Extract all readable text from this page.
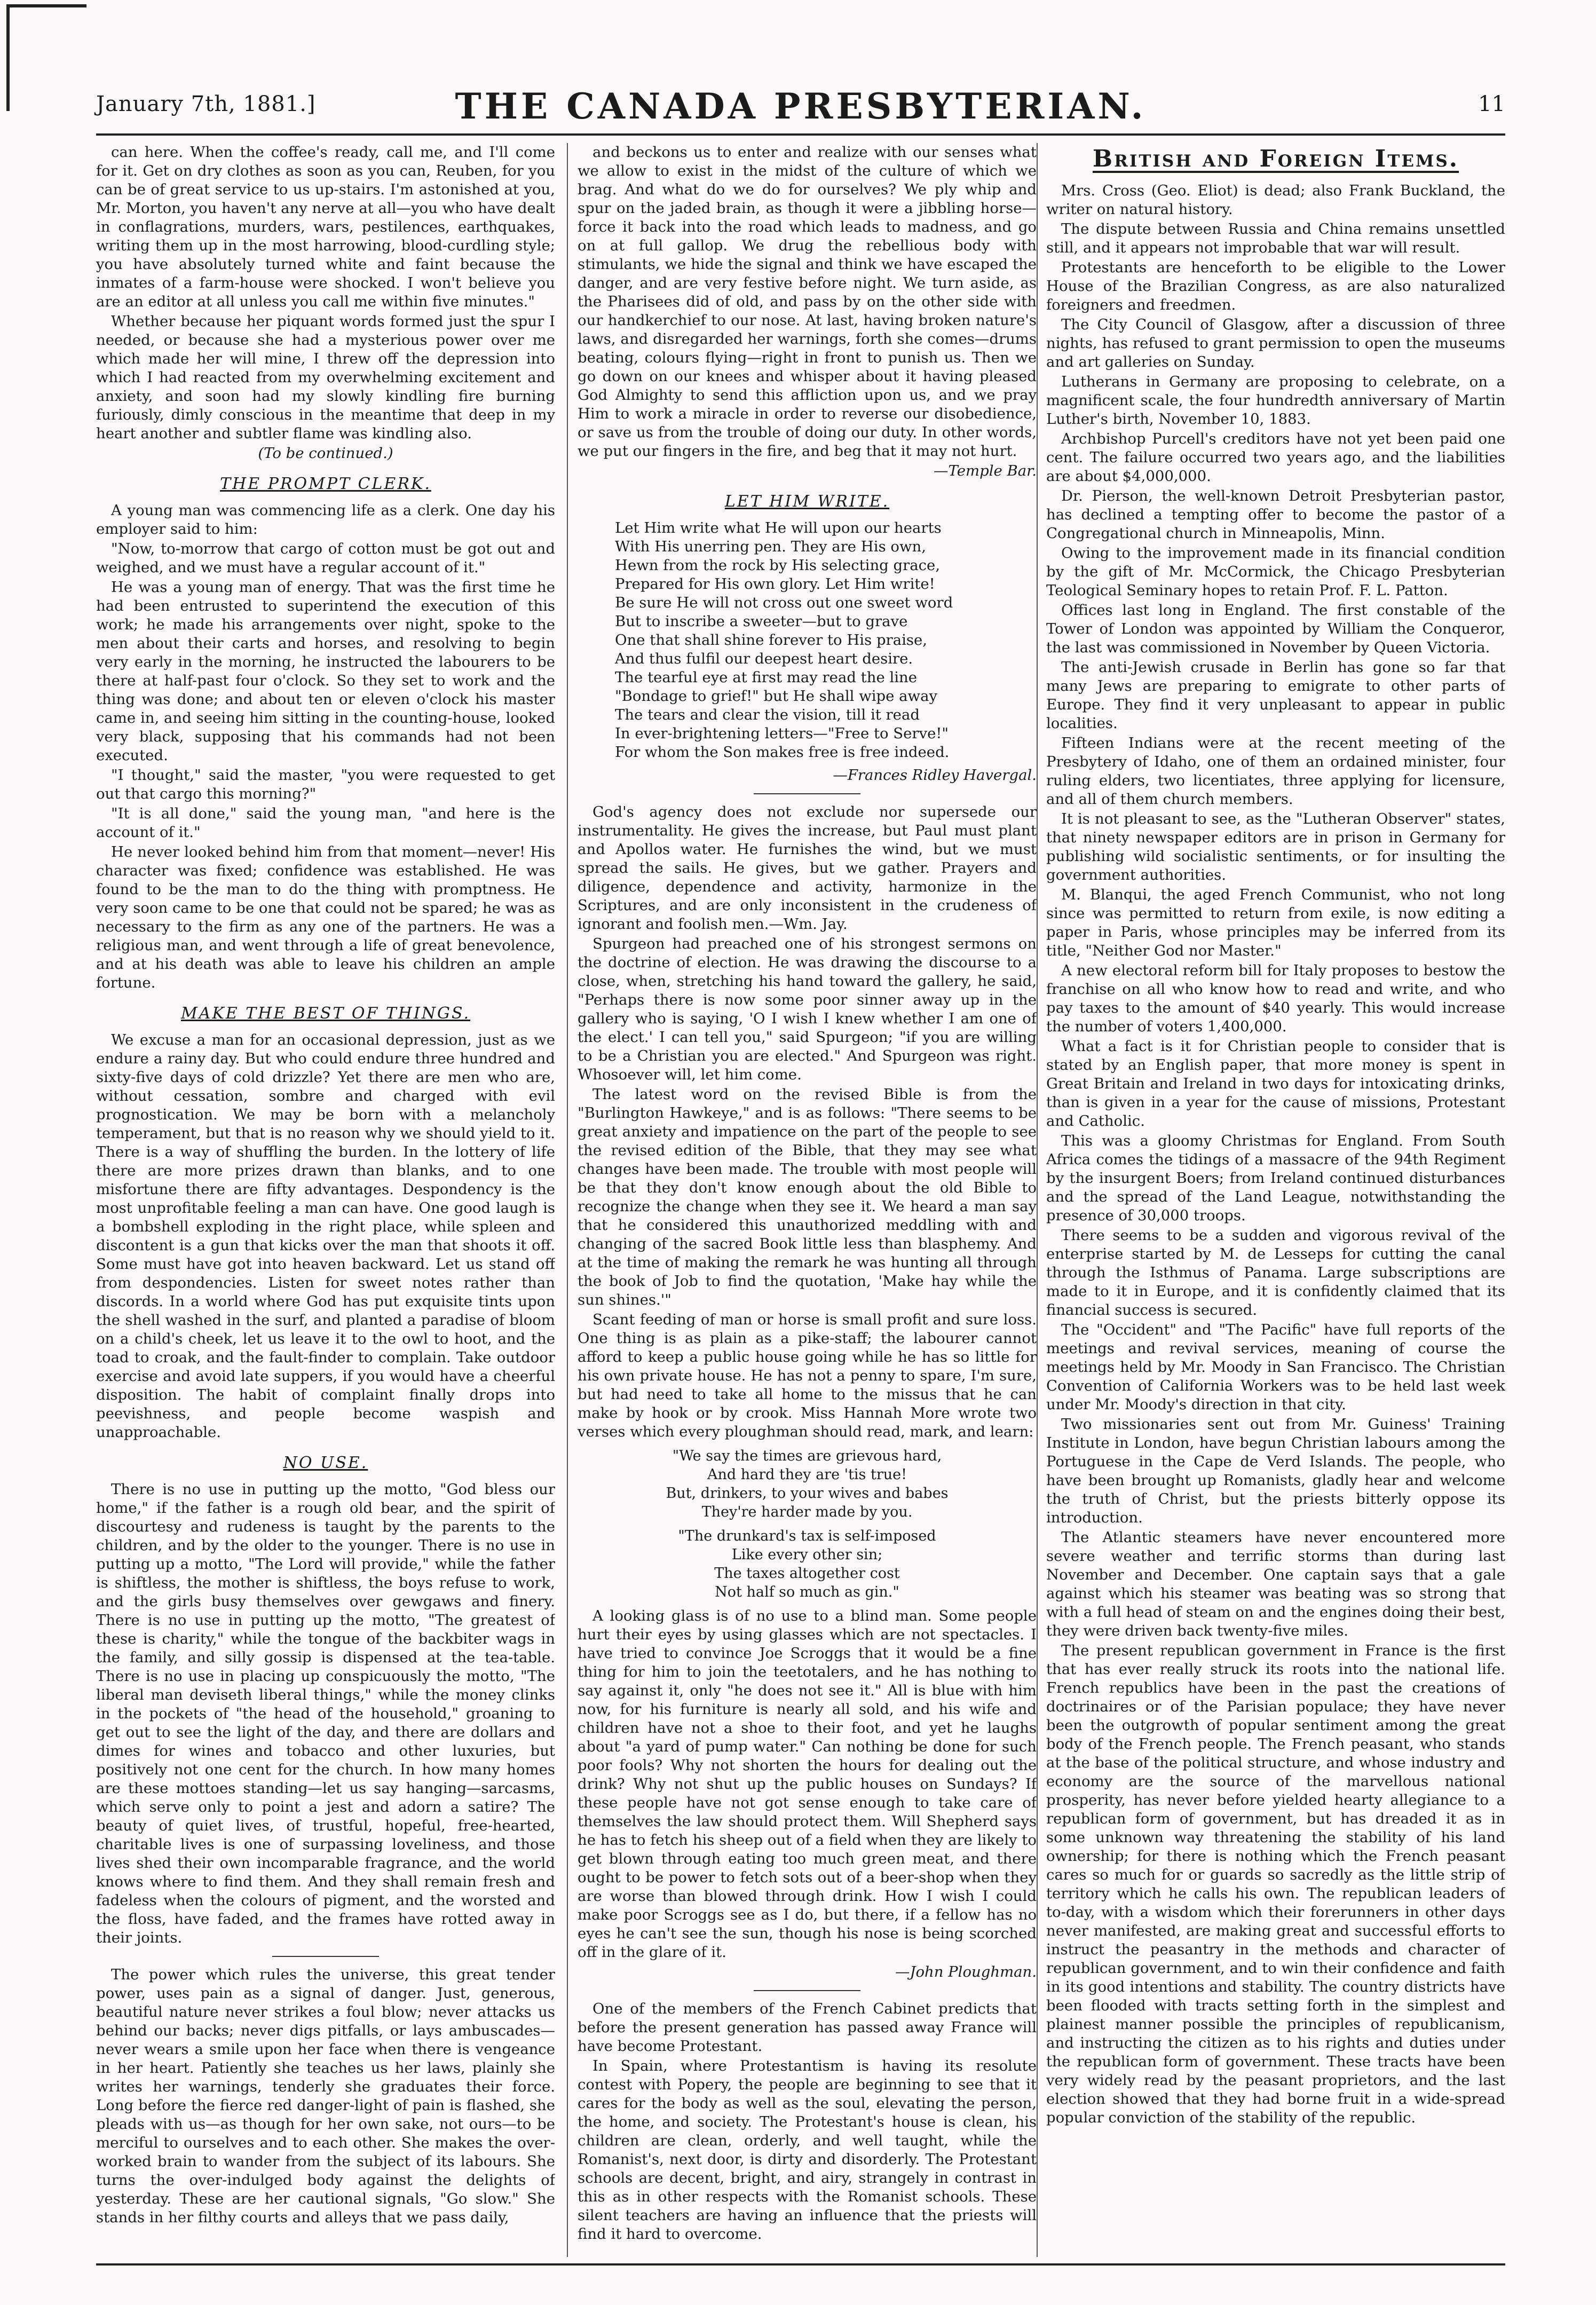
January 7th, 1881.]	THE CANADA PRESBYTERIAN.	11

can here. When the coffee's ready, call me, and I'll come for it. Get on dry clothes as soon as you can, Reuben, for you can be of great service to us up-stairs. I'm astonished at you, Mr. Morton, you haven't any nerve at all—you who have dealt in conflagrations, murders, wars, pestilences, earthquakes, writing them up in the most harrowing, blood-curdling style; you have absolutely turned white and faint because the inmates of a farm-house were shocked. I won't believe you are an editor at all unless you call me within five minutes."

Whether because her piquant words formed just the spur I needed, or because she had a mysterious power over me which made her will mine, I threw off the depression into which I had reacted from my overwhelming excitement and anxiety, and soon had my slowly kindling fire burning furiously, dimly conscious in the meantime that deep in my heart another and subtler flame was kindling also.

(To be continued.)

THE PROMPT CLERK.

A young man was commencing life as a clerk. One day his employer said to him:

"Now, to-morrow that cargo of cotton must be got out and weighed, and we must have a regular account of it."

He was a young man of energy. That was the first time he had been entrusted to superintend the execution of this work; he made his arrangements over night, spoke to the men about their carts and horses, and resolving to begin very early in the morning, he instructed the labourers to be there at half-past four o'clock. So they set to work and the thing was done; and about ten or eleven o'clock his master came in, and seeing him sitting in the counting-house, looked very black, supposing that his commands had not been executed.

"I thought," said the master, "you were requested to get out that cargo this morning?"

"It is all done," said the young man, "and here is the account of it."

He never looked behind him from that moment—never! His character was fixed; confidence was established. He was found to be the man to do the thing with promptness. He very soon came to be one that could not be spared; he was as necessary to the firm as any one of the partners. He was a religious man, and went through a life of great benevolence, and at his death was able to leave his children an ample fortune.

MAKE THE BEST OF THINGS.

We excuse a man for an occasional depression, just as we endure a rainy day. But who could endure three hundred and sixty-five days of cold drizzle? Yet there are men who are, without cessation, sombre and charged with evil prognostication. We may be born with a melancholy temperament, but that is no reason why we should yield to it. There is a way of shuffling the burden. In the lottery of life there are more prizes drawn than blanks, and to one misfortune there are fifty advantages. Despondency is the most unprofitable feeling a man can have. One good laugh is a bombshell exploding in the right place, while spleen and discontent is a gun that kicks over the man that shoots it off. Some must have got into heaven backward. Let us stand off from despondencies. Listen for sweet notes rather than discords. In a world where God has put exquisite tints upon the shell washed in the surf, and planted a paradise of bloom on a child's cheek, let us leave it to the owl to hoot, and the toad to croak, and the fault-finder to complain. Take outdoor exercise and avoid late suppers, if you would have a cheerful disposition. The habit of complaint finally drops into peevishness, and people become waspish and unapproachable.

NO USE.

There is no use in putting up the motto, "God bless our home," if the father is a rough old bear, and the spirit of discourtesy and rudeness is taught by the parents to the children, and by the older to the younger. There is no use in putting up a motto, "The Lord will provide," while the father is shiftless, the mother is shiftless, the boys refuse to work, and the girls busy themselves over gewgaws and finery. There is no use in putting up the motto, "The greatest of these is charity," while the tongue of the backbiter wags in the family, and silly gossip is dispensed at the tea-table. There is no use in placing up conspicuously the motto, "The liberal man deviseth liberal things," while the money clinks in the pockets of "the head of the household," groaning to get out to see the light of the day, and there are dollars and dimes for wines and tobacco and other luxuries, but positively not one cent for the church. In how many homes are these mottoes standing—let us say hanging—sarcasms, which serve only to point a jest and adorn a satire? The beauty of quiet lives, of trustful, hopeful, free-hearted, charitable lives is one of surpassing loveliness, and those lives shed their own incomparable fragrance, and the world knows where to find them. And they shall remain fresh and fadeless when the colours of pigment, and the worsted and the floss, have faded, and the frames have rotted away in their joints.

The power which rules the universe, this great tender power, uses pain as a signal of danger. Just, generous, beautiful nature never strikes a foul blow; never attacks us behind our backs; never digs pitfalls, or lays ambuscades—never wears a smile upon her face when there is vengeance in her heart. Patiently she teaches us her laws, plainly she writes her warnings, tenderly she graduates their force. Long before the fierce red danger-light of pain is flashed, she pleads with us—as though for her own sake, not ours—to be merciful to ourselves and to each other. She makes the over-worked brain to wander from the subject of its labours. She turns the over-indulged body against the delights of yesterday. These are her cautional signals, "Go slow." She stands in her filthy courts and alleys that we pass daily,

and beckons us to enter and realize with our senses what we allow to exist in the midst of the culture of which we brag. And what do we do for ourselves? We ply whip and spur on the jaded brain, as though it were a jibbling horse—force it back into the road which leads to madness, and go on at full gallop. We drug the rebellious body with stimulants, we hide the signal and think we have escaped the danger, and are very festive before night. We turn aside, as the Pharisees did of old, and pass by on the other side with our handkerchief to our nose. At last, having broken nature's laws, and disregarded her warnings, forth she comes—drums beating, colours flying—right in front to punish us. Then we go down on our knees and whisper about it having pleased God Almighty to send this affliction upon us, and we pray Him to work a miracle in order to reverse our disobedience, or save us from the trouble of doing our duty. In other words, we put our fingers in the fire, and beg that it may not hurt.

—Temple Bar.

LET HIM WRITE.
Let Him write what He will upon our hearts
With His unerring pen. They are His own,
Hewn from the rock by His selecting grace,
Prepared for His own glory. Let Him write!
Be sure He will not cross out one sweet word
But to inscribe a sweeter—but to grave
One that shall shine forever to His praise,
And thus fulfil our deepest heart desire.
The tearful eye at first may read the line
"Bondage to grief!" but He shall wipe away
The tears and clear the vision, till it read
In ever-brightening letters—"Free to Serve!"
For whom the Son makes free is free indeed.

—Frances Ridley Havergal.

God's agency does not exclude nor supersede our instrumentality. He gives the increase, but Paul must plant and Apollos water. He furnishes the wind, but we must spread the sails. He gives, but we gather. Prayers and diligence, dependence and activity, harmonize in the Scriptures, and are only inconsistent in the crudeness of ignorant and foolish men.—Wm. Jay.

Spurgeon had preached one of his strongest sermons on the doctrine of election. He was drawing the discourse to a close, when, stretching his hand toward the gallery, he said, "Perhaps there is now some poor sinner away up in the gallery who is saying, 'O I wish I knew whether I am one of the elect.' I can tell you," said Spurgeon; "if you are willing to be a Christian you are elected." And Spurgeon was right. Whosoever will, let him come.

The latest word on the revised Bible is from the "Burlington Hawkeye," and is as follows: "There seems to be great anxiety and impatience on the part of the people to see the revised edition of the Bible, that they may see what changes have been made. The trouble with most people will be that they don't know enough about the old Bible to recognize the change when they see it. We heard a man say that he considered this unauthorized meddling with and changing of the sacred Book little less than blasphemy. And at the time of making the remark he was hunting all through the book of Job to find the quotation, 'Make hay while the sun shines.'"

Scant feeding of man or horse is small profit and sure loss. One thing is as plain as a pike-staff; the labourer cannot afford to keep a public house going while he has so little for his own private house. He has not a penny to spare, I'm sure, but had need to take all home to the missus that he can make by hook or by crook. Miss Hannah More wrote two verses which every ploughman should read, mark, and learn:

"We say the times are grievous hard,
And hard they are 'tis true!
But, drinkers, to your wives and babes
They're harder made by you.
"The drunkard's tax is self-imposed
Like every other sin;
The taxes altogether cost
Not half so much as gin."

A looking glass is of no use to a blind man. Some people hurt their eyes by using glasses which are not spectacles. I have tried to convince Joe Scroggs that it would be a fine thing for him to join the teetotalers, and he has nothing to say against it, only "he does not see it." All is blue with him now, for his furniture is nearly all sold, and his wife and children have not a shoe to their foot, and yet he laughs about "a yard of pump water." Can nothing be done for such poor fools? Why not shorten the hours for dealing out the drink? Why not shut up the public houses on Sundays? If these people have not got sense enough to take care of themselves the law should protect them. Will Shepherd says he has to fetch his sheep out of a field when they are likely to get blown through eating too much green meat, and there ought to be power to fetch sots out of a beer-shop when they are worse than blowed through drink. How I wish I could make poor Scroggs see as I do, but there, if a fellow has no eyes he can't see the sun, though his nose is being scorched off in the glare of it.

—John Ploughman.

One of the members of the French Cabinet predicts that before the present generation has passed away France will have become Protestant.

In Spain, where Protestantism is having its resolute contest with Popery, the people are beginning to see that it cares for the body as well as the soul, elevating the person, the home, and society. The Protestant's house is clean, his children are clean, orderly, and well taught, while the Romanist's, next door, is dirty and disorderly. The Protestant schools are decent, bright, and airy, strangely in contrast in this as in other respects with the Romanist schools. These silent teachers are having an influence that the priests will find it hard to overcome.

British and Foreign Items.

Mrs. Cross (Geo. Eliot) is dead; also Frank Buckland, the writer on natural history.

The dispute between Russia and China remains unsettled still, and it appears not improbable that war will result.

Protestants are henceforth to be eligible to the Lower House of the Brazilian Congress, as are also naturalized foreigners and freedmen.

The City Council of Glasgow, after a discussion of three nights, has refused to grant permission to open the museums and art galleries on Sunday.

Lutherans in Germany are proposing to celebrate, on a magnificent scale, the four hundredth anniversary of Martin Luther's birth, November 10, 1883.

Archbishop Purcell's creditors have not yet been paid one cent. The failure occurred two years ago, and the liabilities are about $4,000,000.

Dr. Pierson, the well-known Detroit Presbyterian pastor, has declined a tempting offer to become the pastor of a Congregational church in Minneapolis, Minn.

Owing to the improvement made in its financial condition by the gift of Mr. McCormick, the Chicago Presbyterian Teological Seminary hopes to retain Prof. F. L. Patton.

Offices last long in England. The first constable of the Tower of London was appointed by William the Conqueror, the last was commissioned in November by Queen Victoria.

The anti-Jewish crusade in Berlin has gone so far that many Jews are preparing to emigrate to other parts of Europe. They find it very unpleasant to appear in public localities.

Fifteen Indians were at the recent meeting of the Presbytery of Idaho, one of them an ordained minister, four ruling elders, two licentiates, three applying for licensure, and all of them church members.

It is not pleasant to see, as the "Lutheran Observer" states, that ninety newspaper editors are in prison in Germany for publishing wild socialistic sentiments, or for insulting the government authorities.

M. Blanqui, the aged French Communist, who not long since was permitted to return from exile, is now editing a paper in Paris, whose principles may be inferred from its title, "Neither God nor Master."

A new electoral reform bill for Italy proposes to bestow the franchise on all who know how to read and write, and who pay taxes to the amount of $40 yearly. This would increase the number of voters 1,400,000.

What a fact is it for Christian people to consider that is stated by an English paper, that more money is spent in Great Britain and Ireland in two days for intoxicating drinks, than is given in a year for the cause of missions, Protestant and Catholic.

This was a gloomy Christmas for England. From South Africa comes the tidings of a massacre of the 94th Regiment by the insurgent Boers; from Ireland continued disturbances and the spread of the Land League, notwithstanding the presence of 30,000 troops.

There seems to be a sudden and vigorous revival of the enterprise started by M. de Lesseps for cutting the canal through the Isthmus of Panama. Large subscriptions are made to it in Europe, and it is confidently claimed that its financial success is secured.

The "Occident" and "The Pacific" have full reports of the meetings and revival services, meaning of course the meetings held by Mr. Moody in San Francisco. The Christian Convention of California Workers was to be held last week under Mr. Moody's direction in that city.

Two missionaries sent out from Mr. Guiness' Training Institute in London, have begun Christian labours among the Portuguese in the Cape de Verd Islands. The people, who have been brought up Romanists, gladly hear and welcome the truth of Christ, but the priests bitterly oppose its introduction.

The Atlantic steamers have never encountered more severe weather and terrific storms than during last November and December. One captain says that a gale against which his steamer was beating was so strong that with a full head of steam on and the engines doing their best, they were driven back twenty-five miles.

The present republican government in France is the first that has ever really struck its roots into the national life. French republics have been in the past the creations of doctrinaires or of the Parisian populace; they have never been the outgrowth of popular sentiment among the great body of the French people. The French peasant, who stands at the base of the political structure, and whose industry and economy are the source of the marvellous national prosperity, has never before yielded hearty allegiance to a republican form of government, but has dreaded it as in some unknown way threatening the stability of his land ownership; for there is nothing which the French peasant cares so much for or guards so sacredly as the little strip of territory which he calls his own. The republican leaders of to-day, with a wisdom which their forerunners in other days never manifested, are making great and successful efforts to instruct the peasantry in the methods and character of republican government, and to win their confidence and faith in its good intentions and stability. The country districts have been flooded with tracts setting forth in the simplest and plainest manner possible the principles of republicanism, and instructing the citizen as to his rights and duties under the republican form of government. These tracts have been very widely read by the peasant proprietors, and the last election showed that they had borne fruit in a wide-spread popular conviction of the stability of the republic.
